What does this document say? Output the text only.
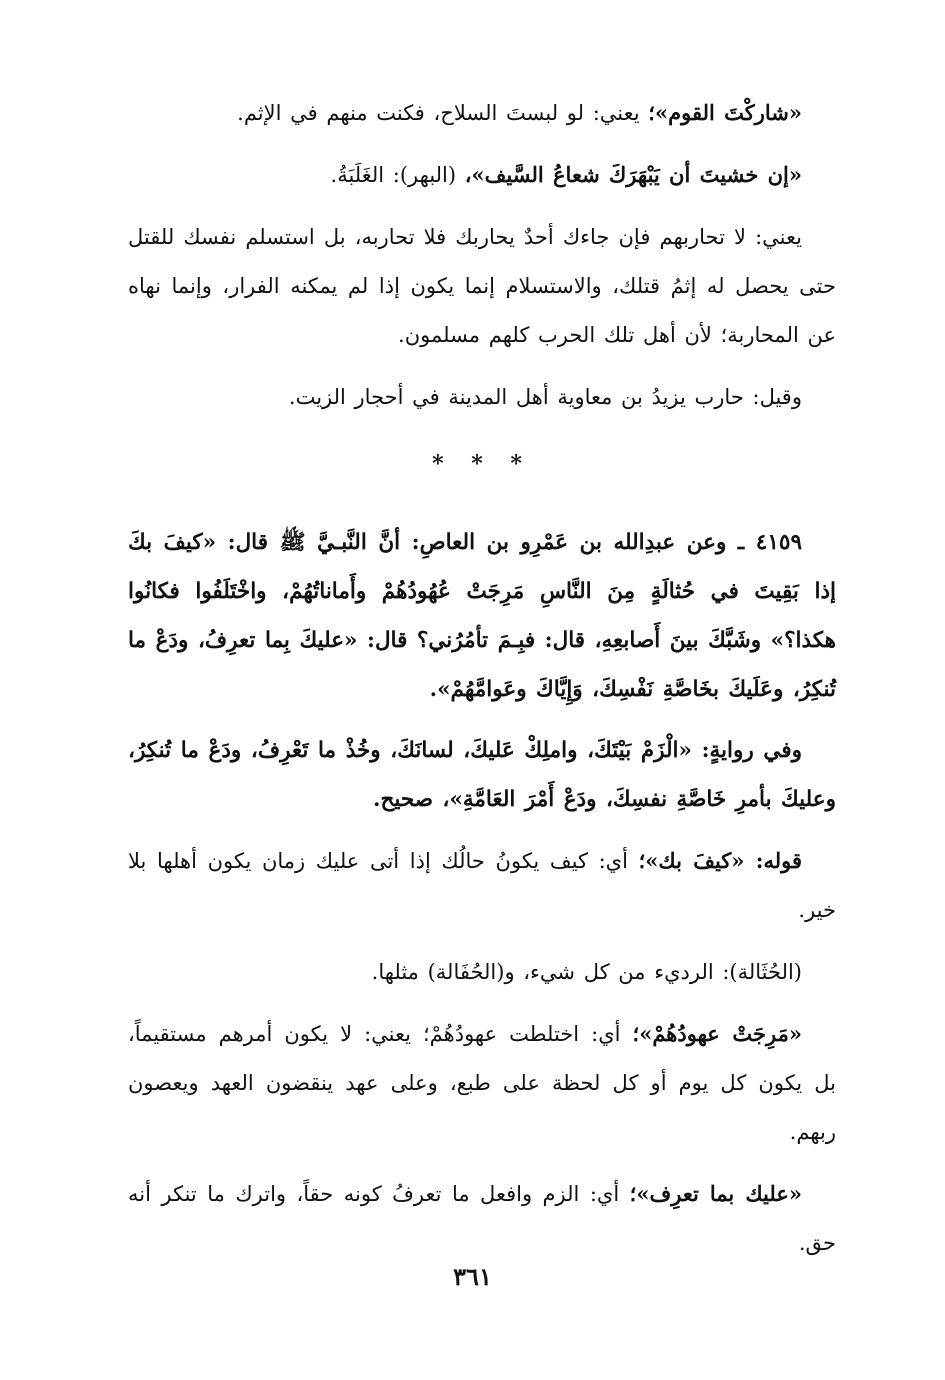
«شاركْتَ القوم»؛ يعني: لو لبستَ السلاح، فكنت منهم في الإثم.

«إن خشيتَ أن يَبْهَرَكَ شعاعُ السَّيف»، (البهر): الغَلَبَةُ.

يعني: لا تحاربهم فإن جاءك أحدٌ يحاربك فلا تحاربه، بل استسلم نفسك للقتل حتى يحصل له إثمُ قتلك، والاستسلام إنما يكون إذا لم يمكنه الفرار، وإنما نهاه عن المحاربة؛ لأن أهل تلك الحرب كلهم مسلمون.

وقيل: حارب يزيدُ بن معاوية أهل المدينة في أحجار الزيت.

* * *

٤١٥٩ ـ وعن عبدِالله بن عَمْرِو بن العاصِ: أنَّ النَّبـيَّ ﷺ قال: «كيفَ بكَ إذا بَقِيتَ في حُثالَةٍ مِنَ النَّاسِ مَرِجَتْ عُهُودُهُمْ وأَماناتُهُمْ، واخْتَلَفُوا فكانُوا هكذا؟» وشَبَّكَ بينَ أَصابعِهِ، قال: فبِـمَ تأمُرُني؟ قال: «عليكَ بِما تعرِفُ، ودَعْ ما تُنكِرُ، وعَلَيكَ بخَاصَّةِ نَفْسِكَ، وَإِيَّاكَ وعَوامَّهُمْ».

وفي روايةٍ: «الْزَمْ بَيْتَكَ، واملِكْ عَليكَ، لسانَكَ، وخُذْ ما تَعْرِفُ، ودَعْ ما تُنكِرُ، وعليكَ بأمرِ خَاصَّةِ نفسِكَ، ودَعْ أَمْرَ العَامَّةِ»، صحيح.

قوله: «كيفَ بك»؛ أي: كيف يكونُ حالُك إذا أتى عليك زمان يكون أهلها بلا خير.

(الحُثَالة): الرديء من كل شيء، و(الحُفَالة) مثلها.

«مَرِجَتْ عهودُهُمْ»؛ أي: اختلطت عهودُهُمْ؛ يعني: لا يكون أمرهم مستقيماً، بل يكون كل يوم أو كل لحظة على طبع، وعلى عهد ينقضون العهد ويعصون ربهم.

«عليك بما تعرِف»؛ أي: الزم وافعل ما تعرفُ كونه حقاً، واترك ما تنكر أنه حق.

٣٦١
